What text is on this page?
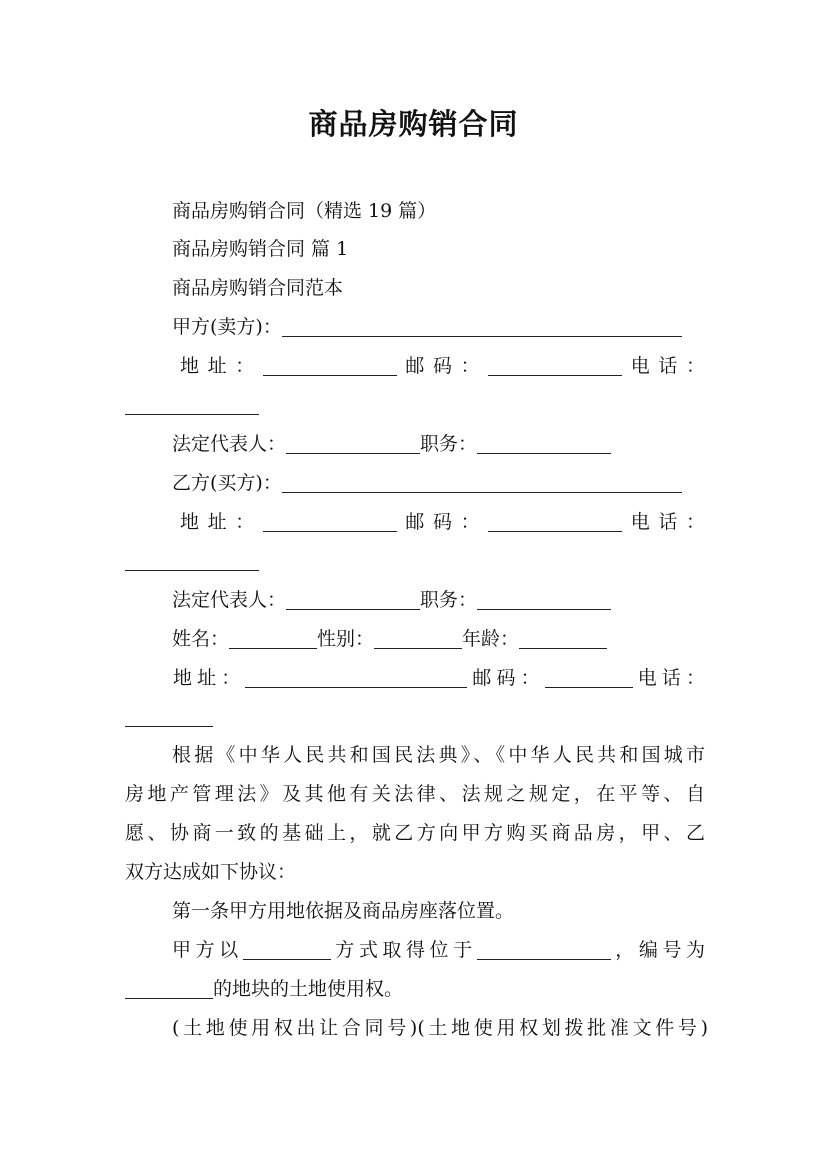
商品房购销合同
商品房购销合同（精选 19 篇）
商品房购销合同 篇 1
商品房购销合同范本
甲方(卖方)：
地址：	邮码：	电话：
法定代表人：	职务：
乙方(买方)：
地址：	邮码：	电话：
法定代表人：	职务：
姓名：	性别：	年龄：
地址：	邮码：	电话：
根据《中华人民共和国民法典》、《中华人民共和国城市
房地产管理法》及其他有关法律、法规之规定，在平等、自
愿、协商一致的基础上，就乙方向甲方购买商品房，甲、乙
双方达成如下协议：
第一条甲方用地依据及商品房座落位置。
甲方以	方式取得位于	，编号为
的地块的土地使用权。
(土地使用权出让合同号)(土地使用权划拨批准文件号)
